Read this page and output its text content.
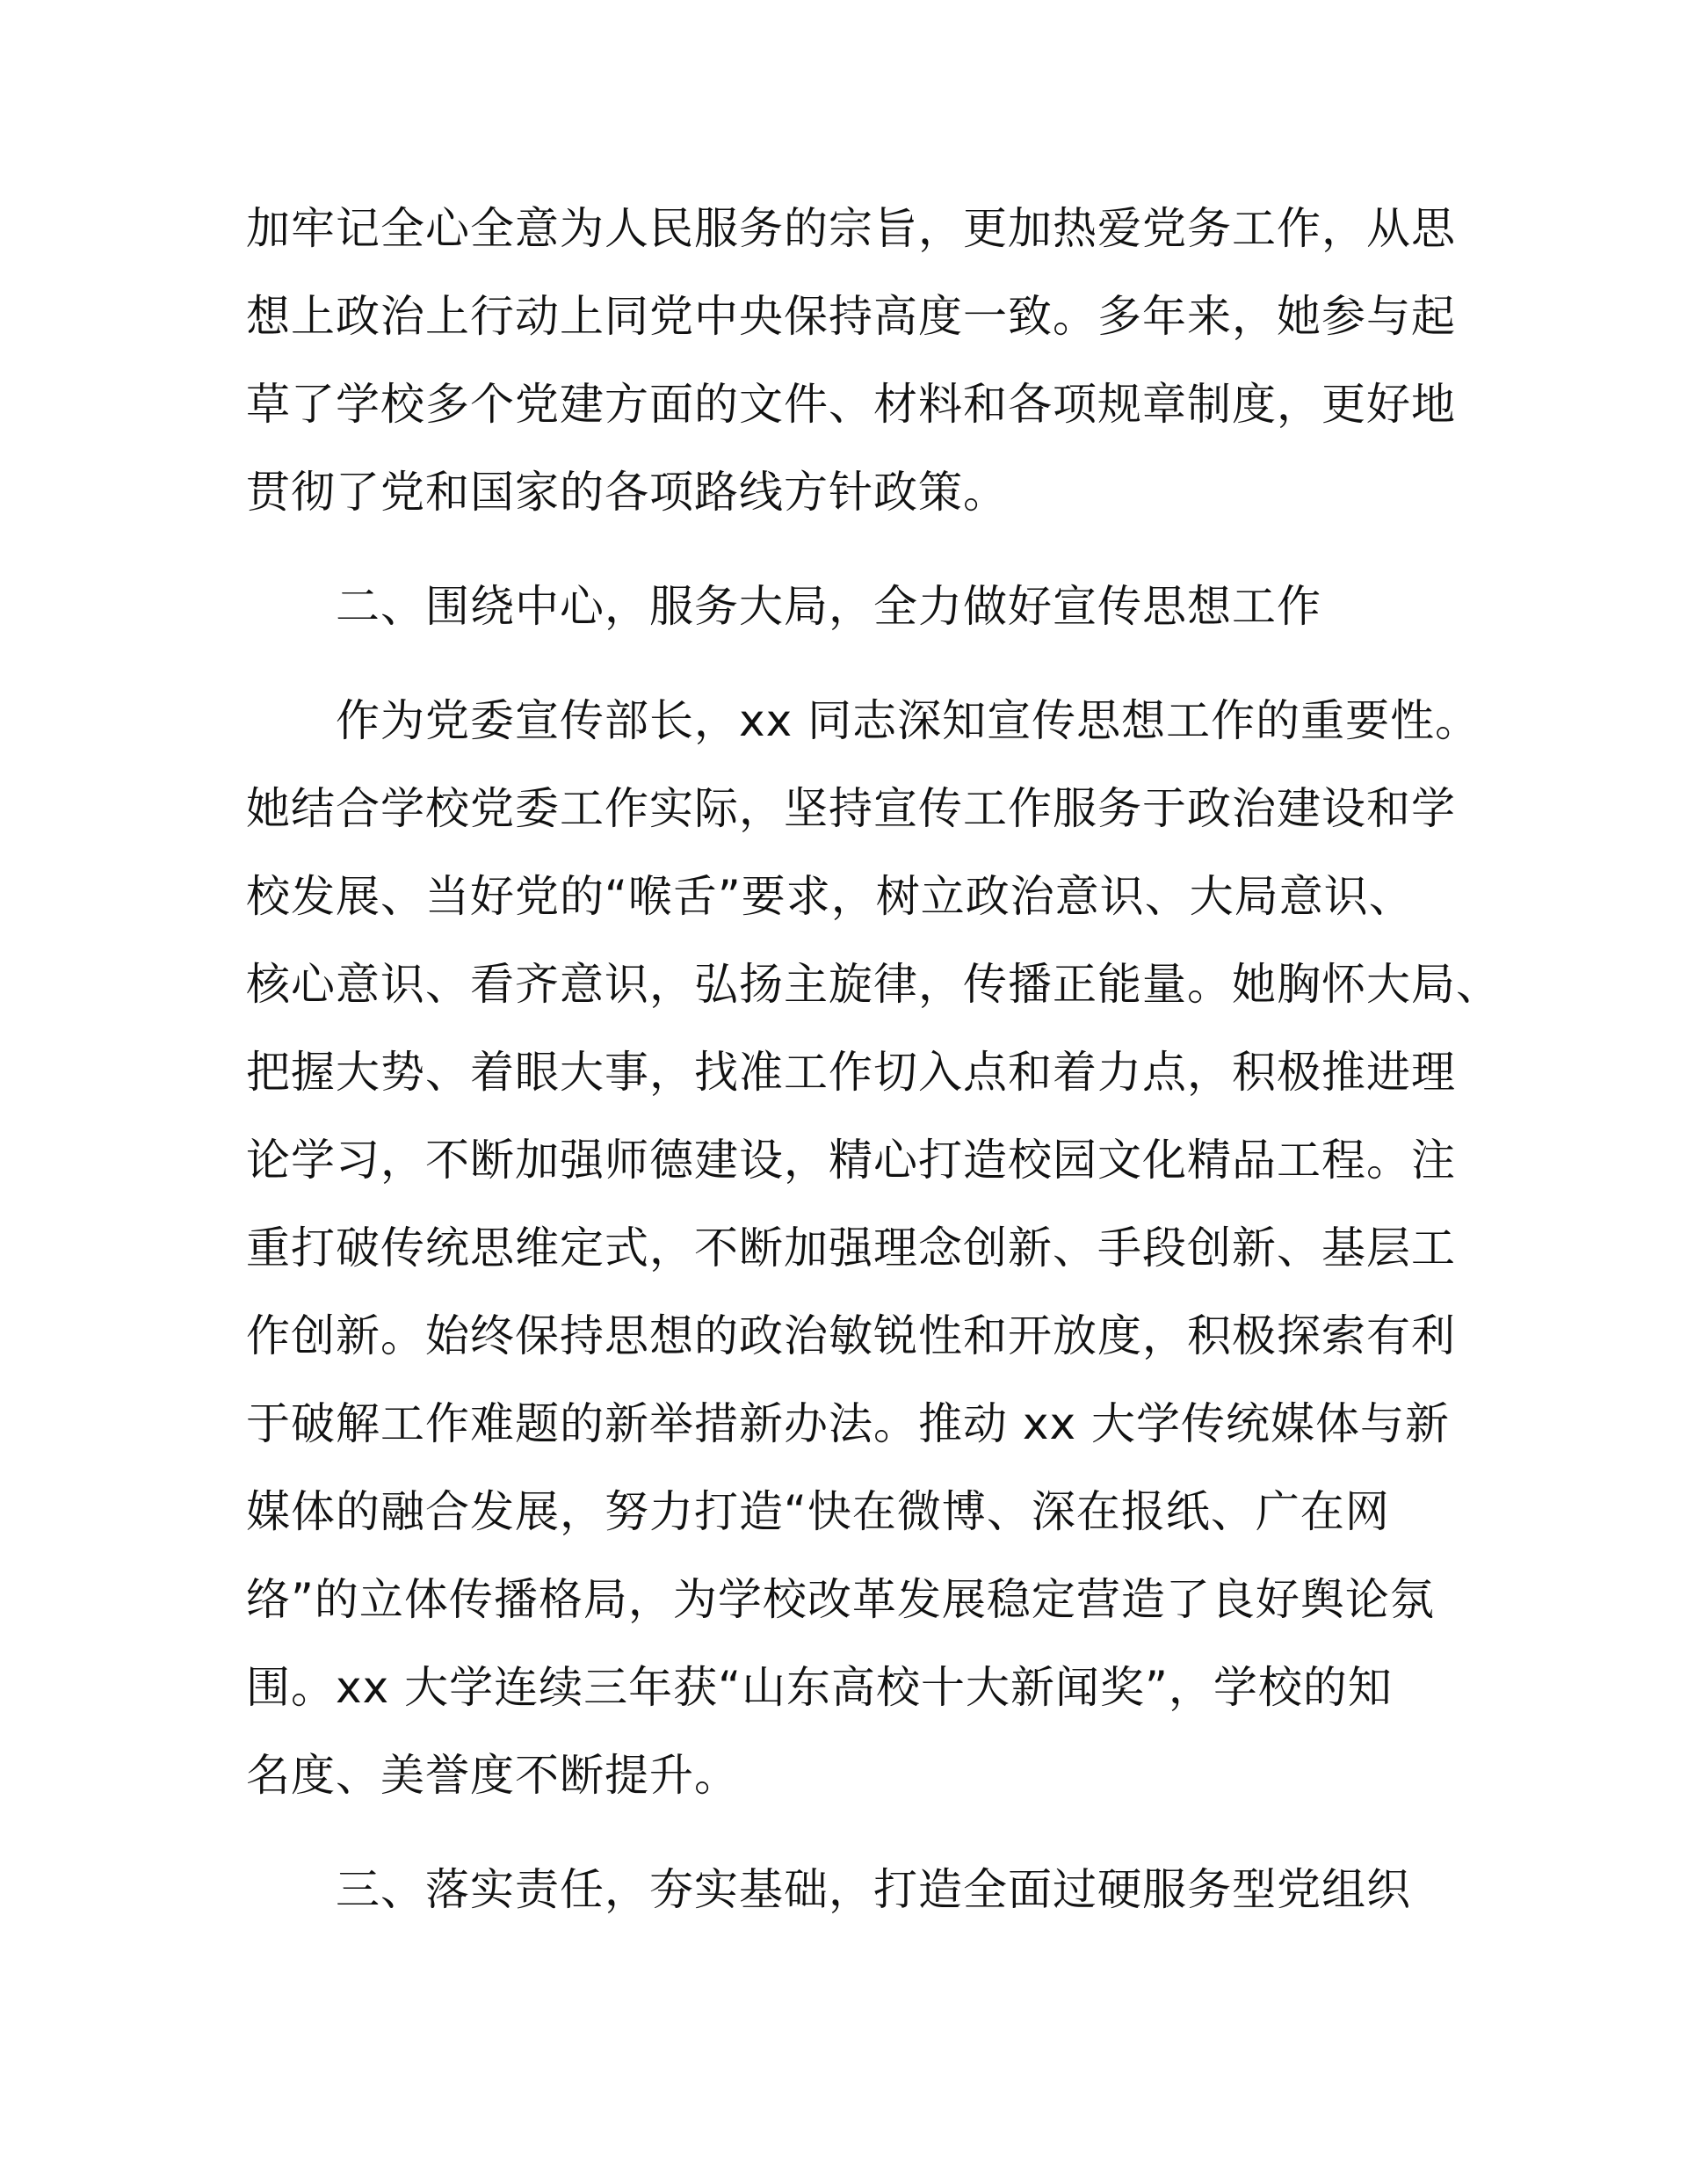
加牢记全心全意为人民服务的宗旨，更加热爱党务工作，从思
想上政治上行动上同党中央保持高度一致。多年来，她参与起
草了学校多个党建方面的文件、材料和各项规章制度，更好地
贯彻了党和国家的各项路线方针政策。
二、围绕中心，服务大局，全力做好宣传思想工作
作为党委宣传部长，xx 同志深知宣传思想工作的重要性。
她结合学校党委工作实际，坚持宣传工作服务于政治建设和学
校发展、当好党的“喉舌”要求，树立政治意识、大局意识、
核心意识、看齐意识，弘扬主旋律，传播正能量。她胸怀大局、
把握大势、着眼大事，找准工作切入点和着力点，积极推进理
论学习，不断加强师德建设，精心打造校园文化精品工程。注
重打破传统思维定式，不断加强理念创新、手段创新、基层工
作创新。始终保持思想的政治敏锐性和开放度，积极探索有利
于破解工作难题的新举措新办法。推动 xx 大学传统媒体与新
媒体的融合发展，努力打造“快在微博、深在报纸、广在网
络”的立体传播格局，为学校改革发展稳定营造了良好舆论氛
围。xx 大学连续三年获“山东高校十大新闻奖”，学校的知
名度、美誉度不断提升。
三、落实责任，夯实基础，打造全面过硬服务型党组织
